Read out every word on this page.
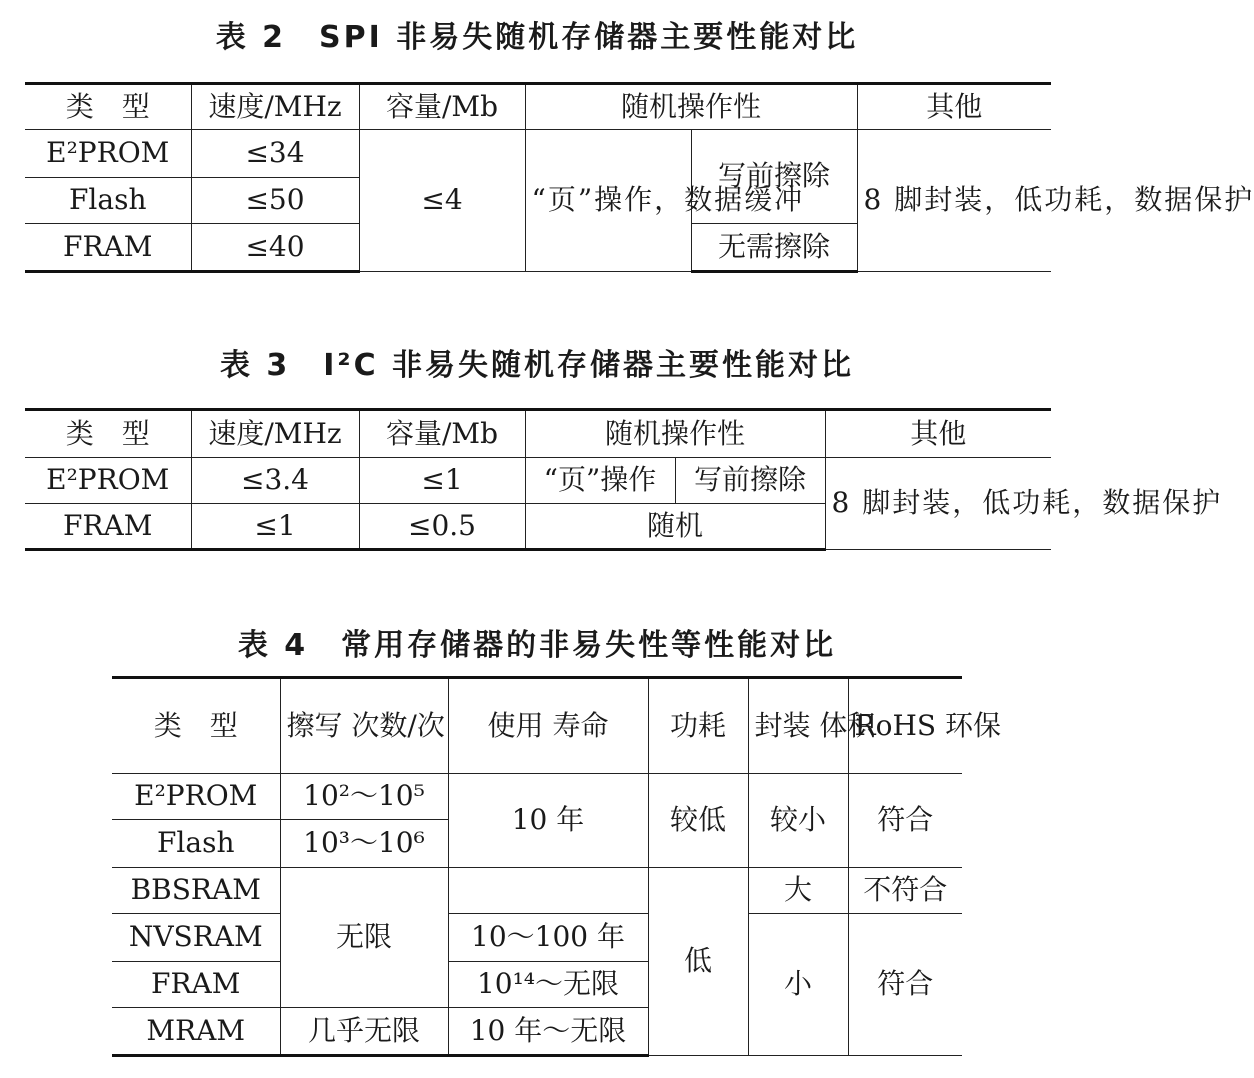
表 2　SPI 非易失随机存储器主要性能对比
类　型	速度/MHz	容量/Mb	随机操作性		其他
E²PROM	≤34	≤4	“页”操作，数据缓冲	写前擦除	8 脚封装，低功耗，数据保护
Flash	≤50				
FRAM	≤40			无需擦除	
表 3　I²C 非易失随机存储器主要性能对比
类　型	速度/MHz	容量/Mb	随机操作性		其他
E²PROM	≤3.4	≤1	“页”操作	写前擦除	8 脚封装，低功耗，数据保护
FRAM	≤1	≤0.5	随机		
表 4　常用存储器的非易失性等性能对比
类　型	擦写 次数/次	使用 寿命	功耗	封装 体积	RoHS 环保
E²PROM	10²～10⁵	10 年	较低	较小	符合
Flash	10³～10⁶				
BBSRAM	无限		低	大	不符合
NVSRAM		10～100 年		小	符合
FRAM		10¹⁴～无限			
MRAM	几乎无限	10 年～无限			
